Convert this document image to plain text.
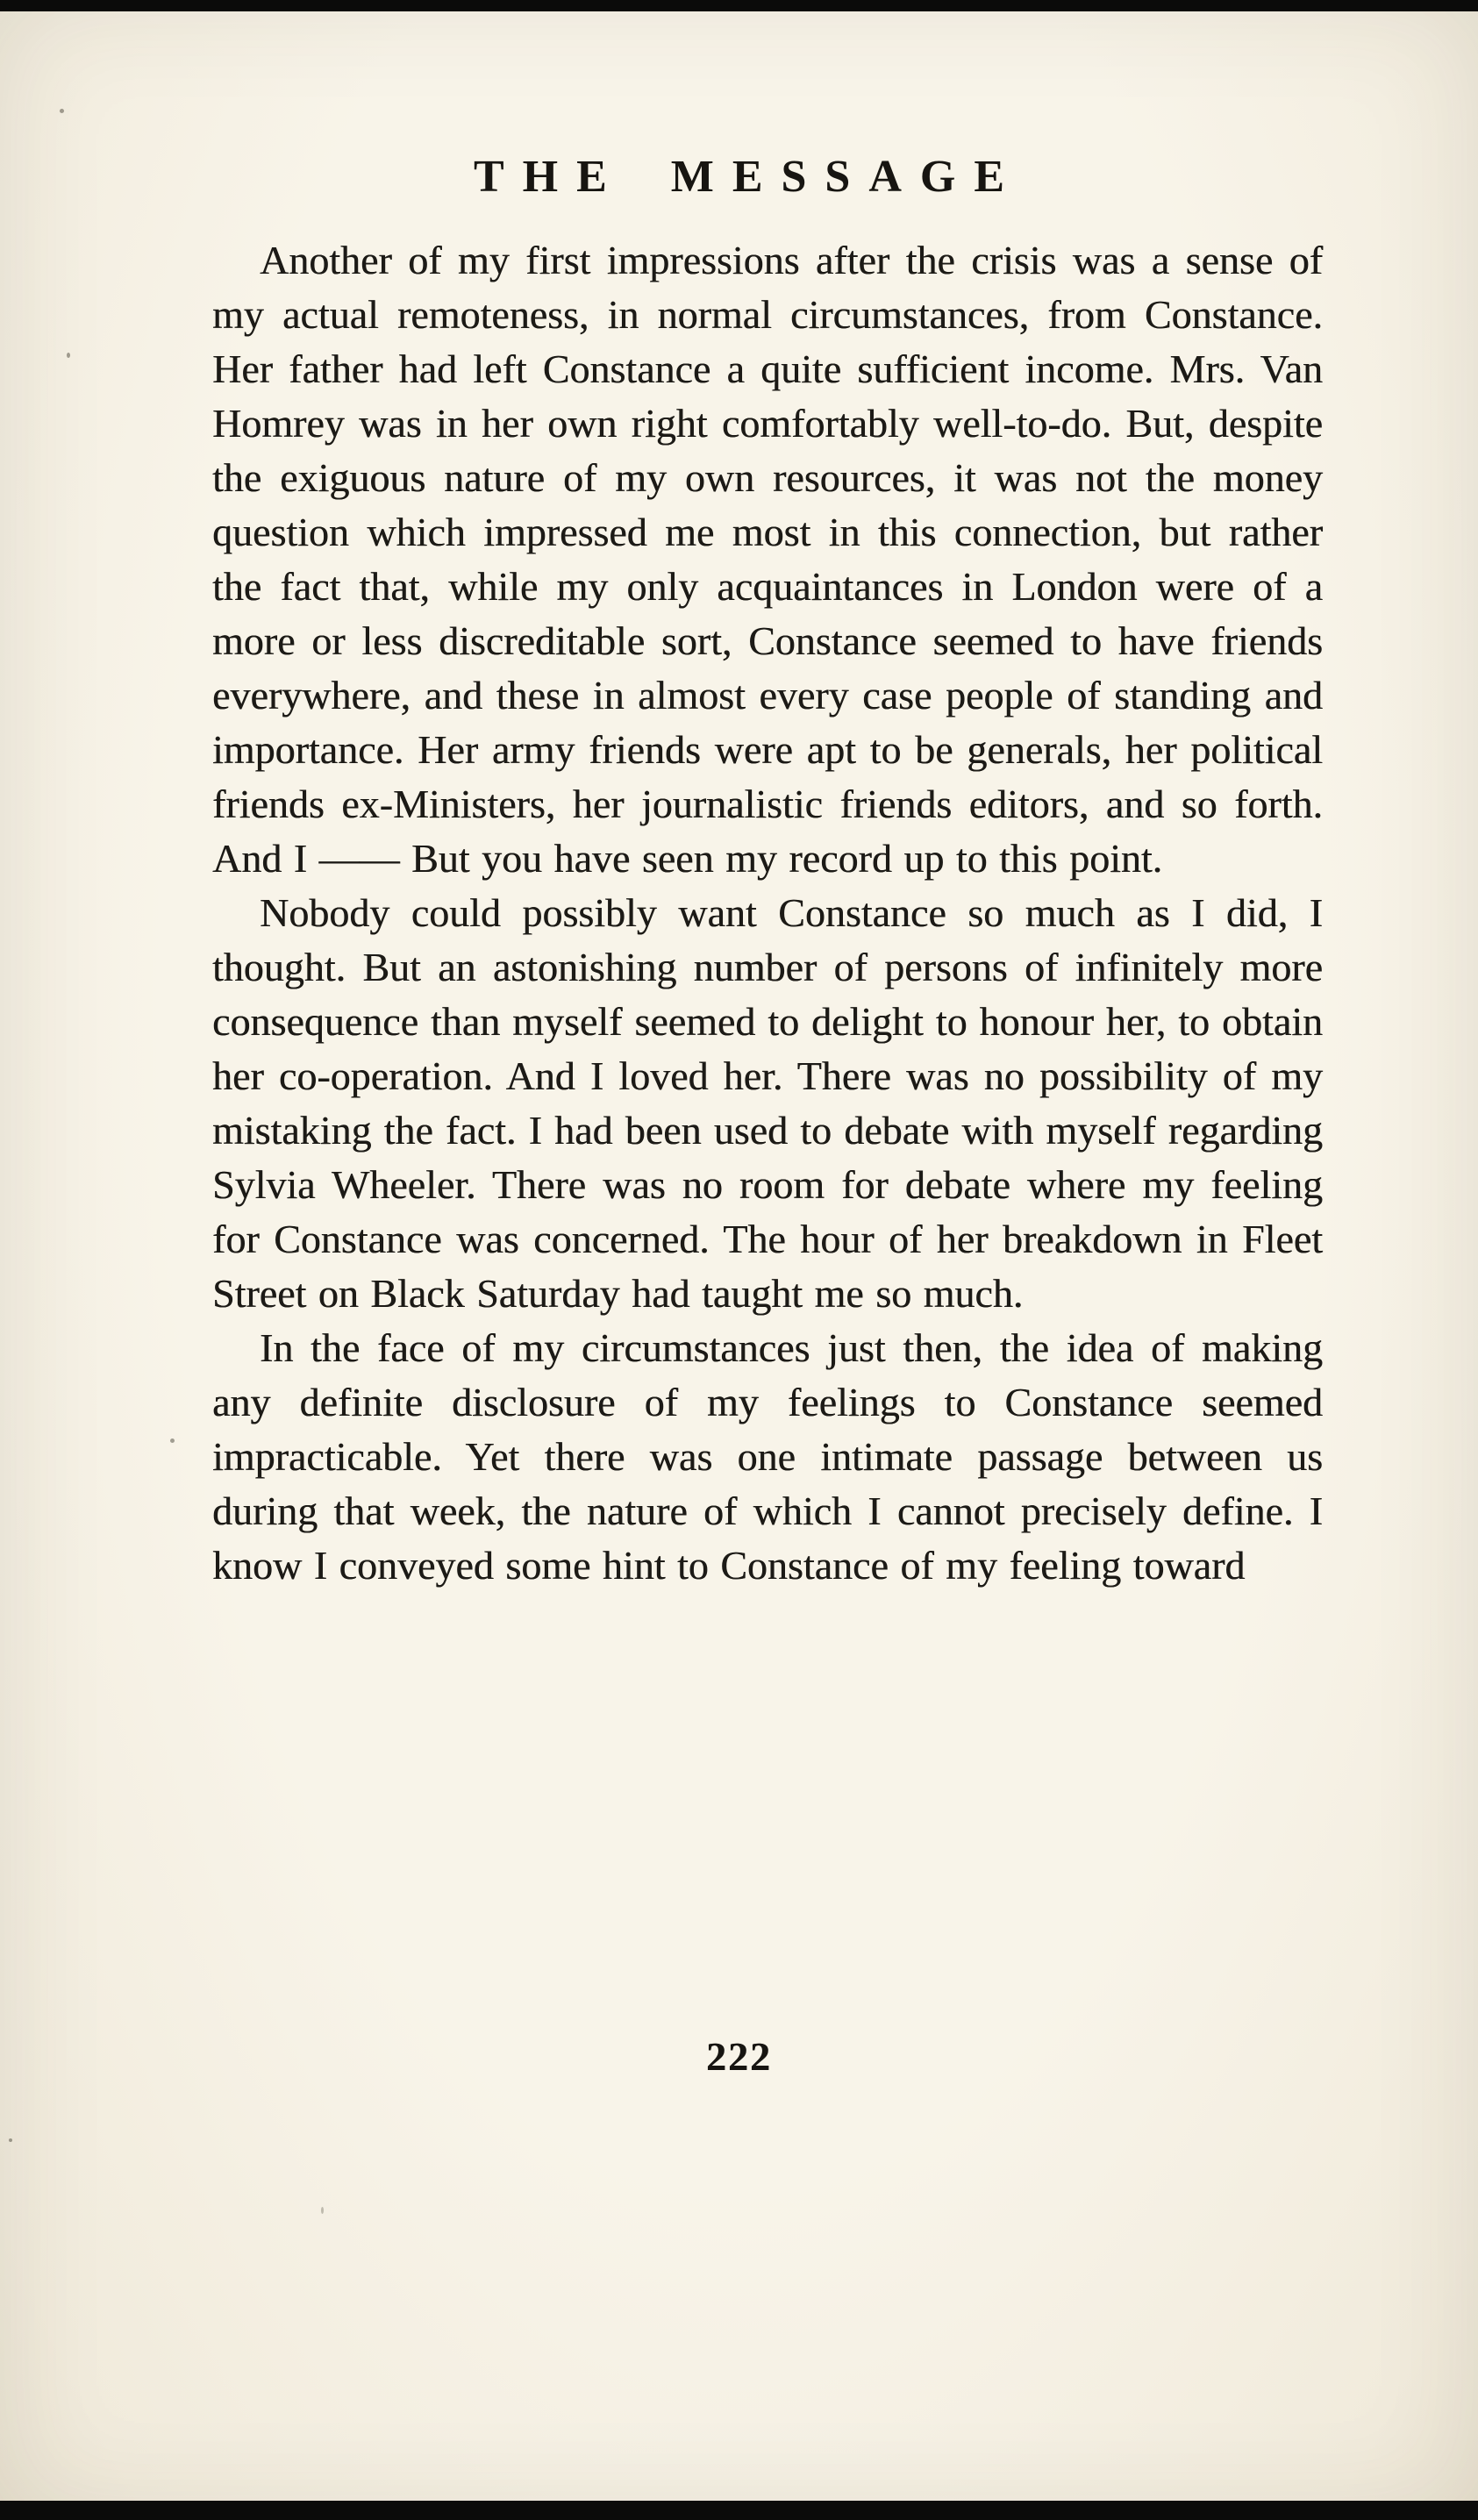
THE MESSAGE

Another of my first impressions after the crisis was a sense of my actual remoteness, in normal circumstances, from Constance. Her father had left Constance a quite sufficient income. Mrs. Van Homrey was in her own right comfortably well-to-do. But, despite the exiguous nature of my own resources, it was not the money question which impressed me most in this connection, but rather the fact that, while my only acquaintances in London were of a more or less discreditable sort, Constance seemed to have friends everywhere, and these in almost every case people of standing and importance. Her army friends were apt to be generals, her political friends ex-Ministers, her journalistic friends editors, and so forth. And I —— But you have seen my record up to this point.

Nobody could possibly want Constance so much as I did, I thought. But an astonishing number of persons of infinitely more consequence than myself seemed to delight to honour her, to obtain her co-operation. And I loved her. There was no possibility of my mistaking the fact. I had been used to debate with myself regarding Sylvia Wheeler. There was no room for debate where my feeling for Constance was concerned. The hour of her breakdown in Fleet Street on Black Saturday had taught me so much.

In the face of my circumstances just then, the idea of making any definite disclosure of my feelings to Constance seemed impracticable. Yet there was one intimate passage between us during that week, the nature of which I cannot precisely define. I know I conveyed some hint to Constance of my feeling toward

222
